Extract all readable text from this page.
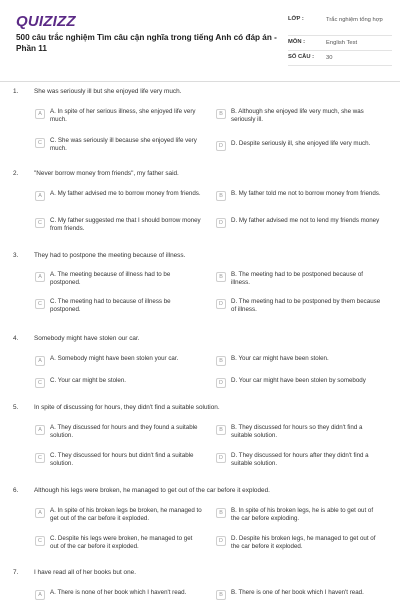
QUIZIZZ
500 câu trắc nghiệm Tìm câu cận nghĩa trong tiếng Anh có đáp án - Phần 11
LỚP :	Trắc nghiệm tổng hợp
MÔN :	English Test
SỐ CÂU :	30
1. She was seriously ill but she enjoyed life very much.
A	A. In spite of her serious illness, she enjoyed life very much.
B	B. Although she enjoyed life very much, she was seriously ill.
C	C. She was seriously ill because she enjoyed life very much.	D	D. Despite seriously ill, she enjoyed life very much.
2. "Never borrow money from friends", my father said.
A	A. My father advised me to borrow money from friends.	B	B. My father told me not to borrow money from friends.
C	C. My father suggested me that I should borrow money from friends.
D	D. My father advised me not to lend my friends money
3. They had to postpone the meeting because of illness.
A	A. The meeting because of illness had to be postponed.
B	B. The meeting had to be postponed because of illness.
C	C. The meeting had to because of illness be postponed.
D	D. The meeting had to be postponed by them because of illness.
4. Somebody might have stolen our car.
A	A. Somebody might have been stolen your car.	B	B. Your car might have been stolen.
C	C. Your car might be stolen.	D	D. Your car might have been stolen by somebody
5. In spite of discussing for hours, they didn't find a suitable solution.
A	A. They discussed for hours and they found a suitable solution.
B	B. They discussed for hours so they didn't find a suitable solution.
C	C. They discussed for hours but didn't find a suitable solution.
D	D. They discussed for hours after they didn't find a suitable solution.
6. Although his legs were broken, he managed to get out of the car before it exploded.
A	A. In spite of his broken legs be broken, he managed to get out of the car before it exploded.
B	B. In spite of his broken legs, he is able to get out of the car before exploding.
C	C. Despite his legs were broken, he managed to get out of the car before it exploded.
D	D. Despite his broken legs, he managed to get out of the car before it exploded.
7. I have read all of her books but one.
A	A. There is none of her book which I haven't read.	B	B. There is one of her book which I haven't read.
